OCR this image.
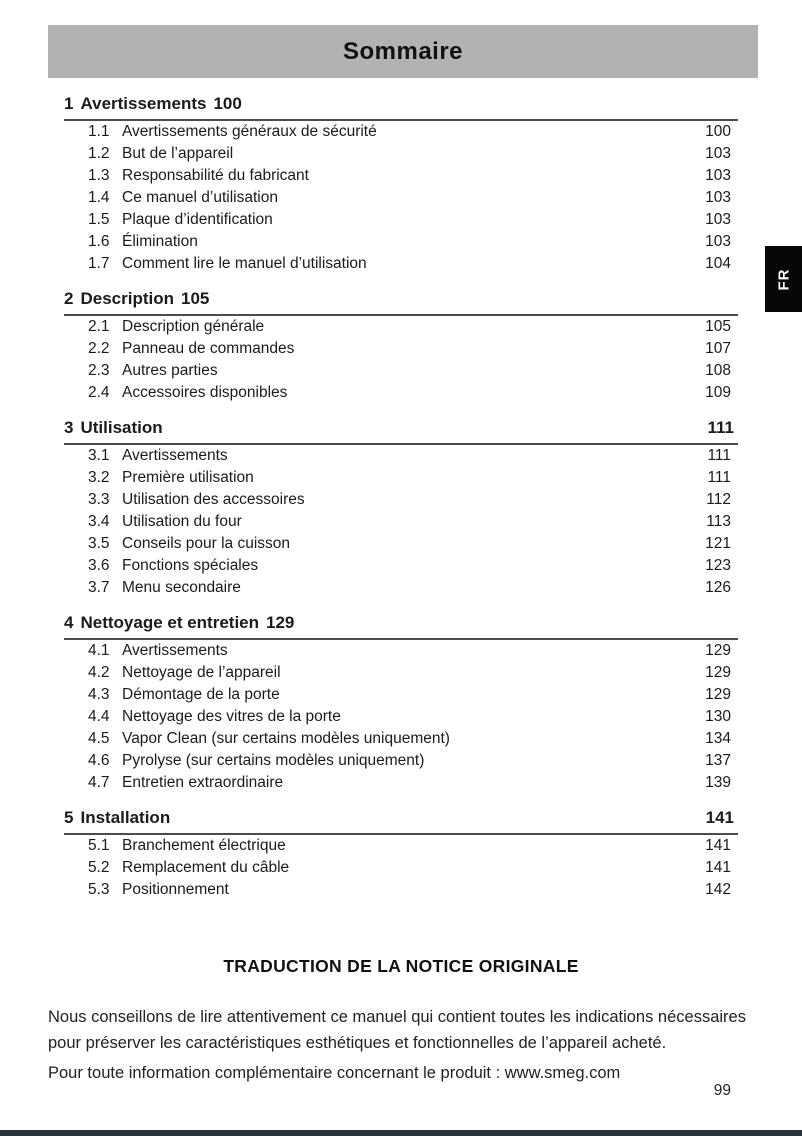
Sommaire
1 Avertissements 100
1.1 Avertissements généraux de sécurité	100
1.2 But de l’appareil	103
1.3 Responsabilité du fabricant	103
1.4 Ce manuel d’utilisation	103
1.5 Plaque d’identification	103
1.6 Élimination	103
1.7 Comment lire le manuel d’utilisation	104
2 Description 105
2.1 Description générale	105
2.2 Panneau de commandes	107
2.3 Autres parties	108
2.4 Accessoires disponibles	109
3 Utilisation	111
3.1 Avertissements	111
3.2 Première utilisation	111
3.3 Utilisation des accessoires	112
3.4 Utilisation du four	113
3.5 Conseils pour la cuisson	121
3.6 Fonctions spéciales	123
3.7 Menu secondaire	126
4 Nettoyage et entretien 129
4.1 Avertissements	129
4.2 Nettoyage de l’appareil	129
4.3 Démontage de la porte	129
4.4 Nettoyage des vitres de la porte	130
4.5 Vapor Clean (sur certains modèles uniquement)	134
4.6 Pyrolyse (sur certains modèles uniquement)	137
4.7 Entretien extraordinaire	139
5 Installation	141
5.1 Branchement électrique	141
5.2 Remplacement du câble	141
5.3 Positionnement	142
FR
TRADUCTION DE LA NOTICE ORIGINALE

Nous conseillons de lire attentivement ce manuel qui contient toutes les indications nécessaires pour préserver les caractéristiques esthétiques et fonctionnelles de l’appareil acheté.

Pour toute information complémentaire concernant le produit : www.smeg.com

99
